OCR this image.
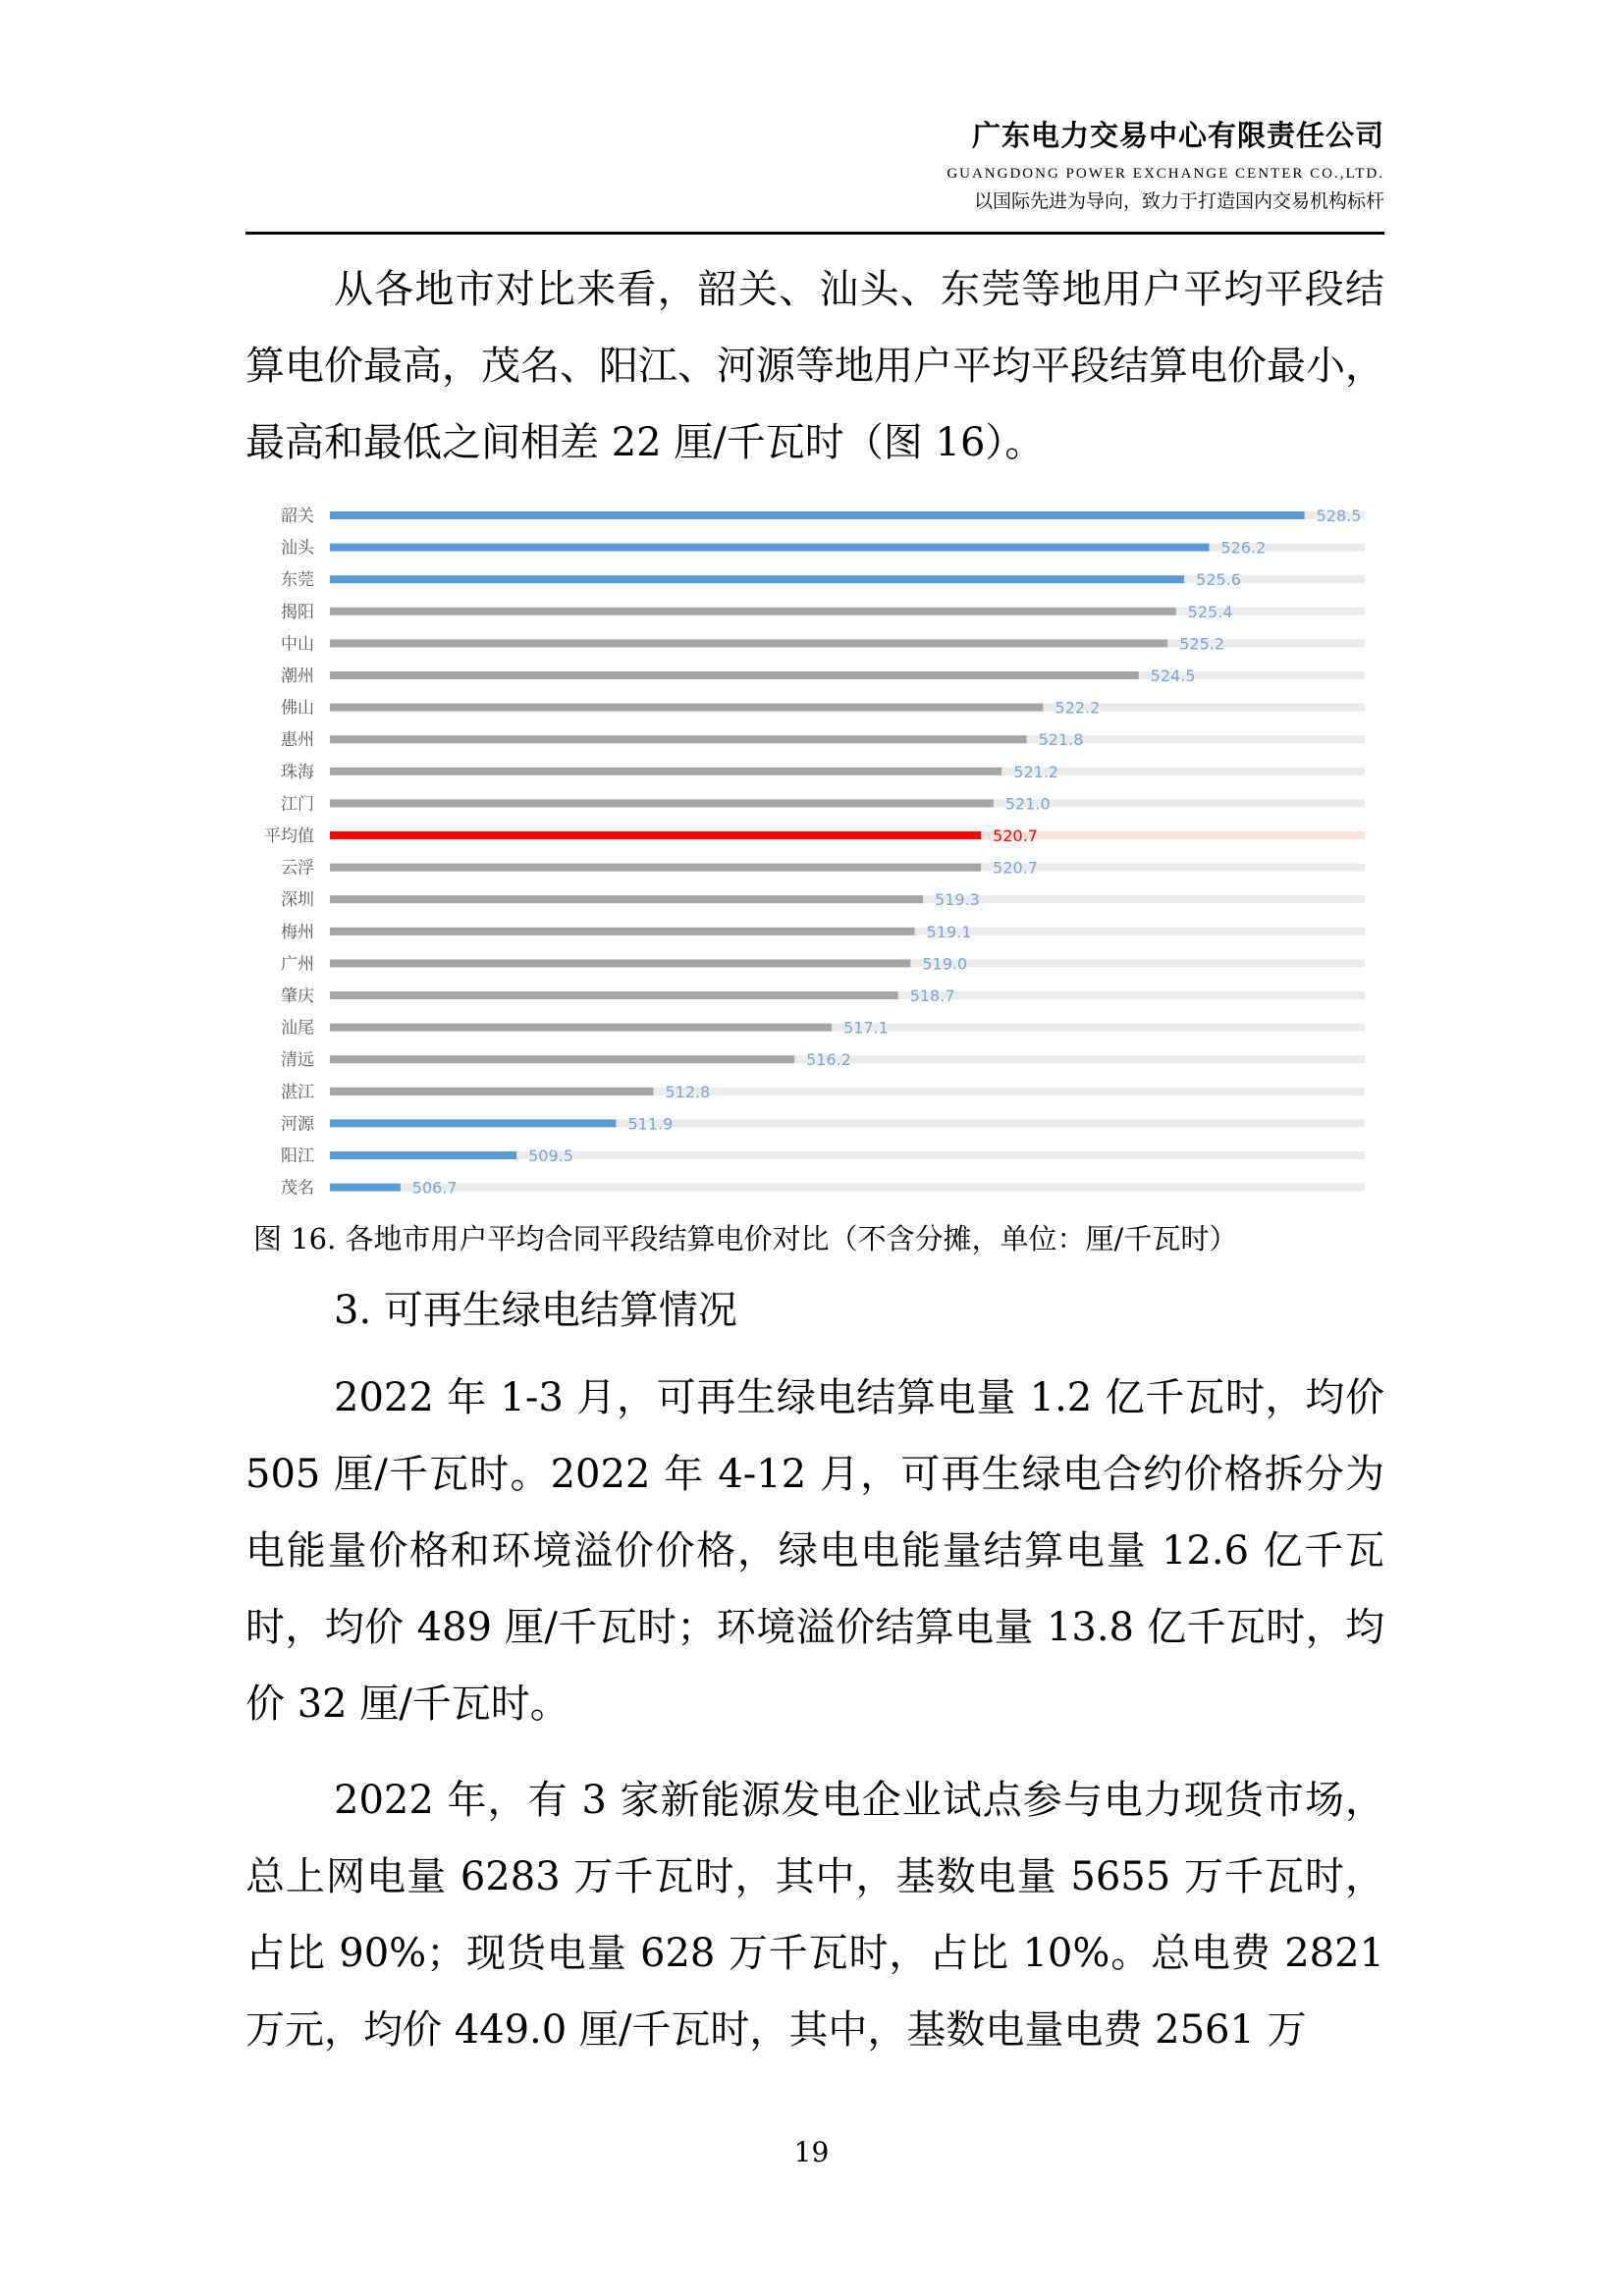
广东电力交易中心有限责任公司
GUANGDONG POWER EXCHANGE CENTER CO.,LTD.
以国际先进为导向，致力于打造国内交易机构标杆

从各地市对比来看，韶关、汕头、东莞等地用户平均平段结算电价最高，茂名、阳江、河源等地用户平均平段结算电价最小，最高和最低之间相差 22 厘/千瓦时（图 16）。

韶关	528.5
汕头	526.2
东莞	525.6
揭阳	525.4
中山	525.2
潮州	524.5
佛山	522.2
惠州	521.8
珠海	521.2
江门	521.0
平均值	520.7
云浮	520.7
深圳	519.3
梅州	519.1
广州	519.0
肇庆	518.7
汕尾	517.1
清远	516.2
湛江	512.8
河源	511.9
阳江	509.5
茂名	506.7
图 16. 各地市用户平均合同平段结算电价对比（不含分摊，单位：厘/千瓦时）
3. 可再生绿电结算情况

2022 年 1-3 月，可再生绿电结算电量 1.2 亿千瓦时，均价 505 厘/千瓦时。2022 年 4-12 月，可再生绿电合约价格拆分为电能量价格和环境溢价价格，绿电电能量结算电量 12.6 亿千瓦时，均价 489 厘/千瓦时；环境溢价结算电量 13.8 亿千瓦时，均价 32 厘/千瓦时。

2022 年，有 3 家新能源发电企业试点参与电力现货市场，总上网电量 6283 万千瓦时，其中，基数电量 5655 万千瓦时，占比 90%；现货电量 628 万千瓦时，占比 10%。总电费 2821 万元，均价 449.0 厘/千瓦时，其中，基数电量电费 2561 万

19
